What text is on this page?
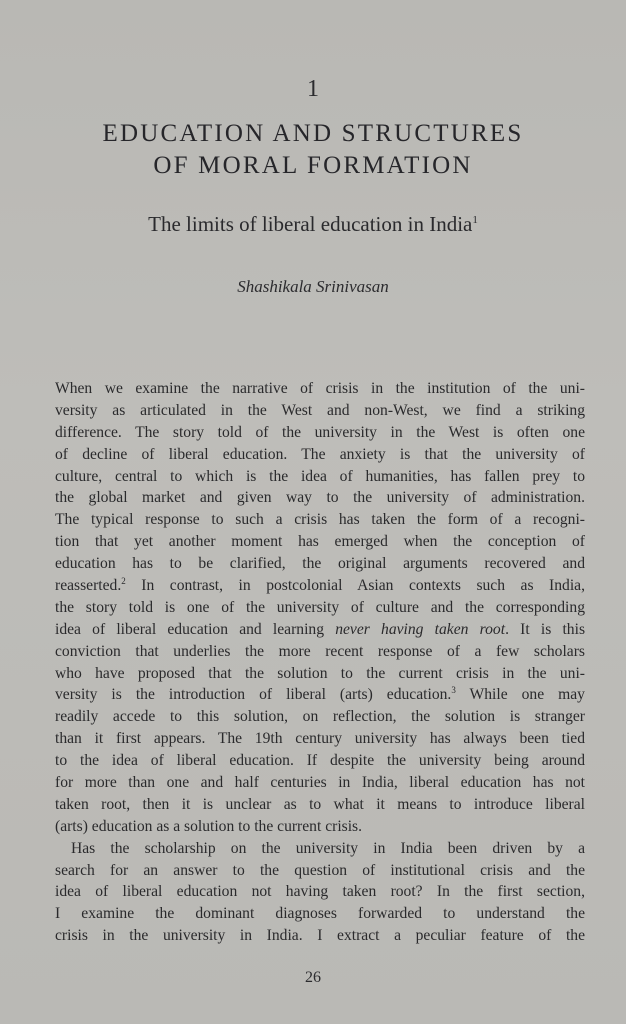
1
EDUCATION AND STRUCTURES
OF MORAL FORMATION
The limits of liberal education in India$^1$
Shashikala Srinivasan
When we examine the narrative of crisis in the institution of the uni-
versity as articulated in the West and non-West, we find a striking
difference. The story told of the university in the West is often one
of decline of liberal education. The anxiety is that the university of
culture, central to which is the idea of humanities, has fallen prey to
the global market and given way to the university of administration.
The typical response to such a crisis has taken the form of a recogni-
tion that yet another moment has emerged when the conception of
education has to be clarified, the original arguments recovered and
reasserted.$^2$ In contrast, in postcolonial Asian contexts such as India,
the story told is one of the university of culture and the corresponding
idea of liberal education and learning never having taken root. It is this
conviction that underlies the more recent response of a few scholars
who have proposed that the solution to the current crisis in the uni-
versity is the introduction of liberal (arts) education.$^3$ While one may
readily accede to this solution, on reflection, the solution is stranger
than it first appears. The 19th century university has always been tied
to the idea of liberal education. If despite the university being around
for more than one and half centuries in India, liberal education has not
taken root, then it is unclear as to what it means to introduce liberal
(arts) education as a solution to the current crisis.
Has the scholarship on the university in India been driven by a
search for an answer to the question of institutional crisis and the
idea of liberal education not having taken root? In the first section,
I examine the dominant diagnoses forwarded to understand the
crisis in the university in India. I extract a peculiar feature of the
26
